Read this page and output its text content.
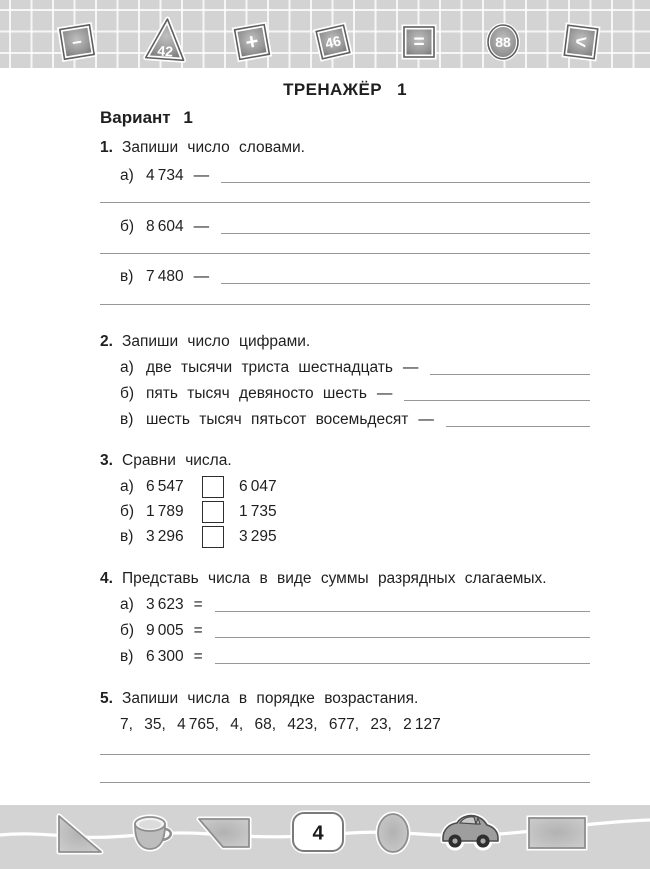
−	42	+	46	=	88	<
ТРЕНАЖЁР 1
Вариант 1
1. Запиши число словами.
а) 4 734 —
б) 8 604 —
в) 7 480 —
2. Запиши число цифрами.
а) две тысячи триста шестнадцать —
б) пять тысяч девяносто шесть —
в) шесть тысяч пятьсот восемьдесят —
3. Сравни числа.
а) 6 547	6 047
б) 1 789	1 735
в) 3 296	3 295
4. Представь числа в виде суммы разрядных слагаемых.
а) 3 623 =
б) 9 005 =
в) 6 300 =
5. Запиши числа в порядке возрастания.
7, 35, 4 765, 4, 68, 423, 677, 23, 2 127
4
